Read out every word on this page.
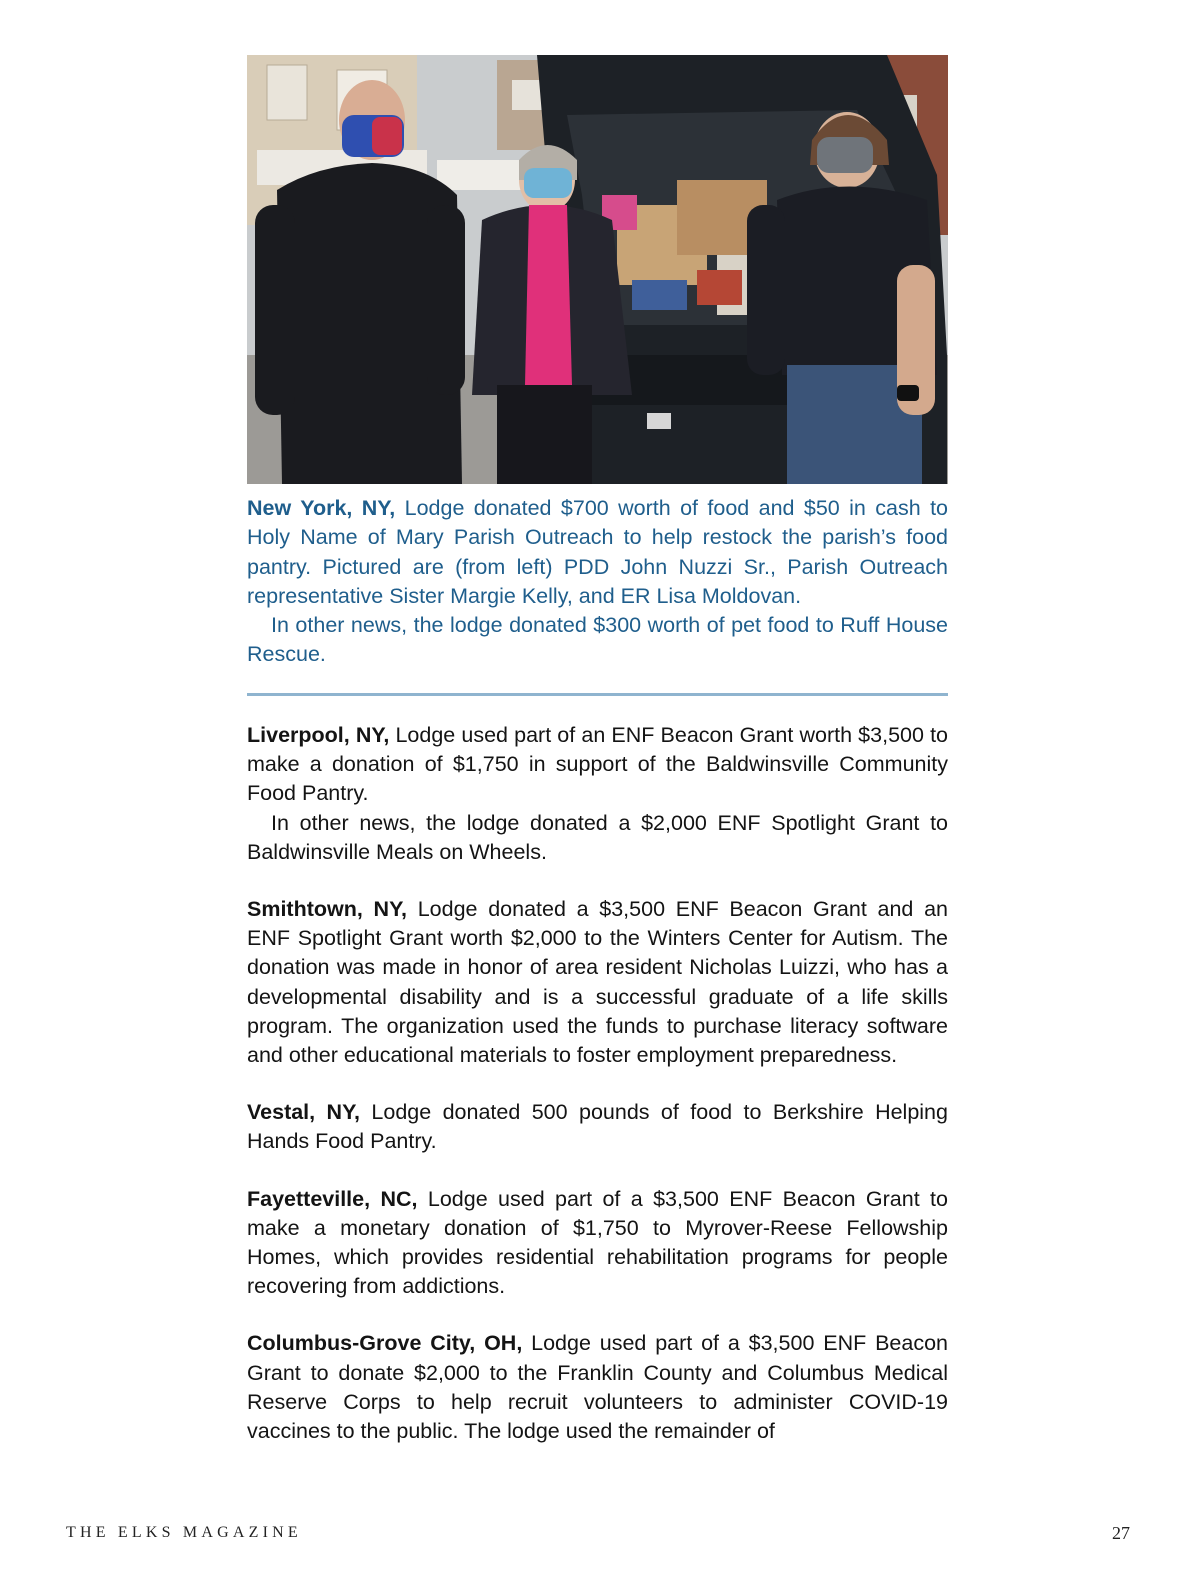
New York, NY, Lodge donated $700 worth of food and $50 in cash to Holy Name of Mary Parish Outreach to help restock the parish’s food pantry. Pictured are (from left) PDD John Nuzzi Sr., Parish Outreach representative Sister Margie Kelly, and ER Lisa Moldovan.

In other news, the lodge donated $300 worth of pet food to Ruff House Rescue.

Liverpool, NY, Lodge used part of an ENF Beacon Grant worth $3,500 to make a donation of $1,750 in support of the Baldwinsville Community Food Pantry.

In other news, the lodge donated a $2,000 ENF Spotlight Grant to Baldwinsville Meals on Wheels.

Smithtown, NY, Lodge donated a $3,500 ENF Beacon Grant and an ENF Spotlight Grant worth $2,000 to the Winters Center for Autism. The donation was made in honor of area resident Nicholas Luizzi, who has a developmental disability and is a successful graduate of a life skills program. The organization used the funds to purchase literacy software and other educational materials to foster employment preparedness.

Vestal, NY, Lodge donated 500 pounds of food to Berkshire Helping Hands Food Pantry.

Fayetteville, NC, Lodge used part of a $3,500 ENF Beacon Grant to make a monetary donation of $1,750 to Myrover-Reese Fellowship Homes, which provides residential rehabilitation programs for people recovering from addictions.

Columbus-Grove City, OH, Lodge used part of a $3,500 ENF Beacon Grant to donate $2,000 to the Franklin County and Columbus Medical Reserve Corps to help recruit volunteers to administer COVID-19 vaccines to the public. The lodge used the remainder of

THE ELKS MAGAZINE	27
